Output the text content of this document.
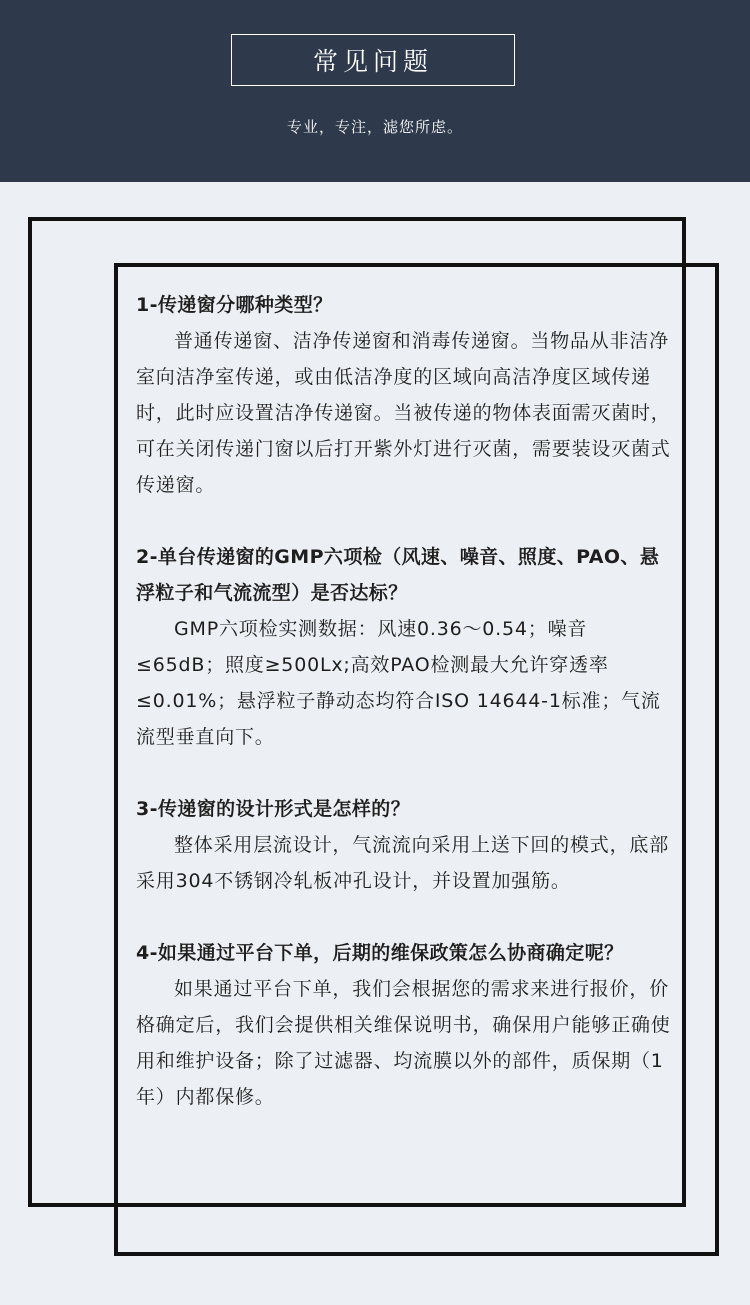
常见问题
专业，专注，滤您所虑。

1-传递窗分哪种类型？

普通传递窗、洁净传递窗和消毒传递窗。当物品从非洁净室向洁净室传递，或由低洁净度的区域向高洁净度区域传递时，此时应设置洁净传递窗。当被传递的物体表面需灭菌时，可在关闭传递门窗以后打开紫外灯进行灭菌，需要装设灭菌式传递窗。

2-单台传递窗的GMP六项检（风速、噪音、照度、PAO、悬浮粒子和气流流型）是否达标？

GMP六项检实测数据：风速0.36～0.54；噪音≤65dB；照度≥500Lx;高效PAO检测最大允许穿透率≤0.01%；悬浮粒子静动态均符合ISO 14644-1标准；气流流型垂直向下。

3-传递窗的设计形式是怎样的？

整体采用层流设计，气流流向采用上送下回的模式，底部采用304不锈钢冷轧板冲孔设计，并设置加强筋。

4-如果通过平台下单，后期的维保政策怎么协商确定呢？

如果通过平台下单，我们会根据您的需求来进行报价，价格确定后，我们会提供相关维保说明书，确保用户能够正确使用和维护设备；除了过滤器、均流膜以外的部件，质保期（1年）内都保修。
